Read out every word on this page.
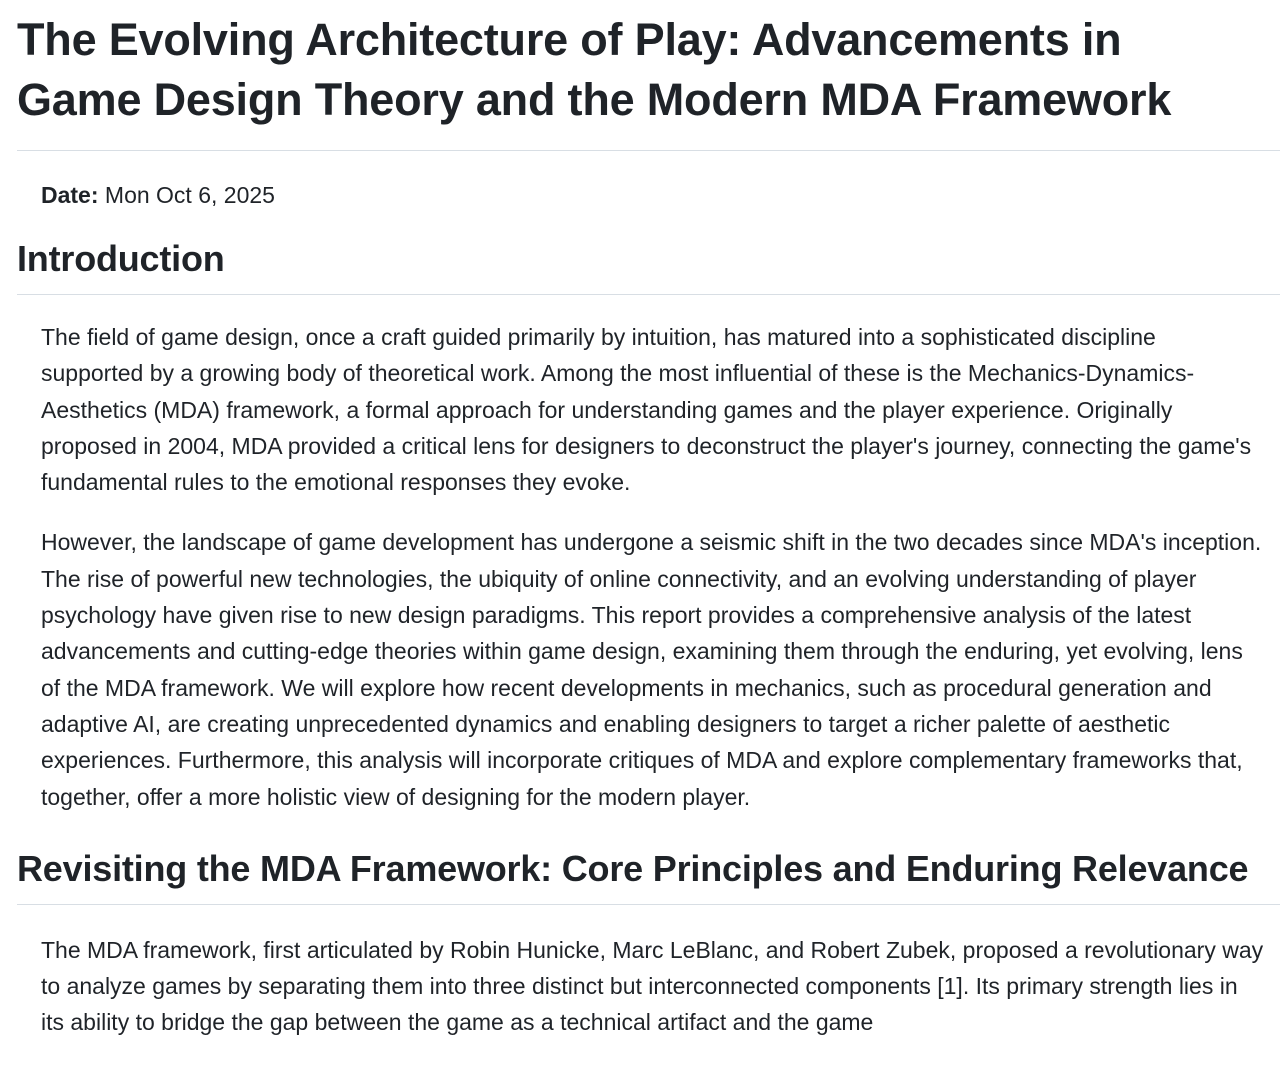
The Evolving Architecture of Play: Advancements in
Game Design Theory and the Modern MDA Framework

Date: Mon Oct 6, 2025

Introduction

The field of game design, once a craft guided primarily by intuition, has matured into a sophisticated discipline supported by a growing body of theoretical work. Among the most influential of these is the Mechanics-Dynamics-Aesthetics (MDA) framework, a formal approach for understanding games and the player experience. Originally proposed in 2004, MDA provided a critical lens for designers to deconstruct the player's journey, connecting the game's fundamental rules to the emotional responses they evoke.

However, the landscape of game development has undergone a seismic shift in the two decades since MDA's inception. The rise of powerful new technologies, the ubiquity of online connectivity, and an evolving understanding of player psychology have given rise to new design paradigms. This report provides a comprehensive analysis of the latest advancements and cutting-edge theories within game design, examining them through the enduring, yet evolving, lens of the MDA framework. We will explore how recent developments in mechanics, such as procedural generation and adaptive AI, are creating unprecedented dynamics and enabling designers to target a richer palette of aesthetic experiences. Furthermore, this analysis will incorporate critiques of MDA and explore complementary frameworks that, together, offer a more holistic view of designing for the modern player.

Revisiting the MDA Framework: Core Principles and Enduring Relevance

The MDA framework, first articulated by Robin Hunicke, Marc LeBlanc, and Robert Zubek, proposed a revolutionary way to analyze games by separating them into three distinct but interconnected components [1]. Its primary strength lies in its ability to bridge the gap between the game as a technical artifact and the game
